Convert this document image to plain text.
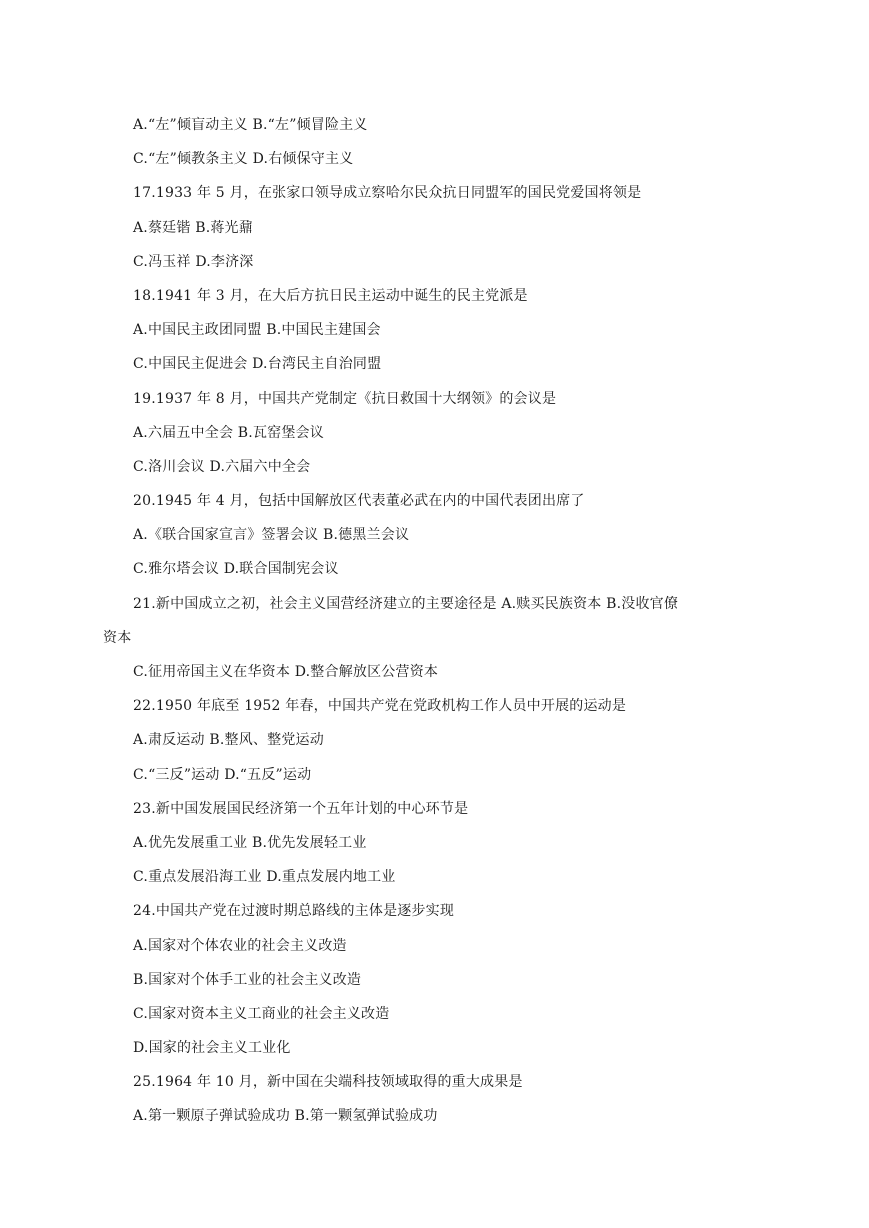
A.“左”倾盲动主义 B.“左”倾冒险主义
C.“左”倾教条主义 D.右倾保守主义
17.1933 年 5 月，在张家口领导成立察哈尔民众抗日同盟军的国民党爱国将领是
A.蔡廷锴 B.蒋光鼐
C.冯玉祥 D.李济深
18.1941 年 3 月，在大后方抗日民主运动中诞生的民主党派是
A.中国民主政团同盟 B.中国民主建国会
C.中国民主促进会 D.台湾民主自治同盟
19.1937 年 8 月，中国共产党制定《抗日救国十大纲领》的会议是
A.六届五中全会 B.瓦窑堡会议
C.洛川会议 D.六届六中全会
20.1945 年 4 月，包括中国解放区代表董必武在内的中国代表团出席了
A.《联合国家宣言》签署会议 B.德黑兰会议
C.雅尔塔会议 D.联合国制宪会议
21.新中国成立之初，社会主义国营经济建立的主要途径是 A.赎买民族资本 B.没收官僚
资本
C.征用帝国主义在华资本 D.整合解放区公营资本
22.1950 年底至 1952 年春，中国共产党在党政机构工作人员中开展的运动是
A.肃反运动 B.整风、整党运动
C.“三反”运动 D.“五反”运动
23.新中国发展国民经济第一个五年计划的中心环节是
A.优先发展重工业 B.优先发展轻工业
C.重点发展沿海工业 D.重点发展内地工业
24.中国共产党在过渡时期总路线的主体是逐步实现
A.国家对个体农业的社会主义改造
B.国家对个体手工业的社会主义改造
C.国家对资本主义工商业的社会主义改造
D.国家的社会主义工业化
25.1964 年 10 月，新中国在尖端科技领域取得的重大成果是
A.第一颗原子弹试验成功 B.第一颗氢弹试验成功
